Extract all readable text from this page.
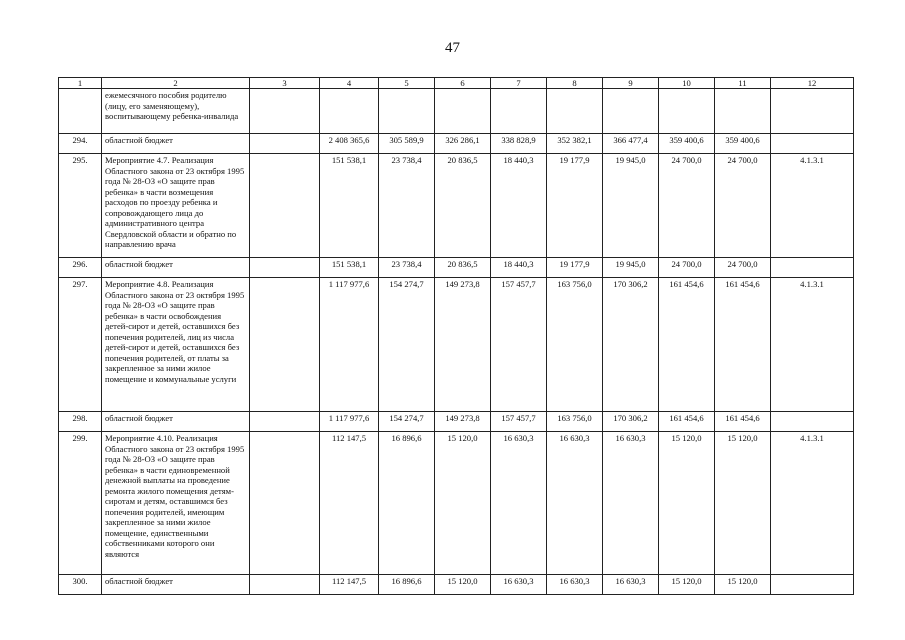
47
1	2	3	4	5	6	7	8	9	10	11	12
	ежемесячного пособия родителю (лицу, его заменяющему), воспитывающему ребенка-инвалида										
294.	областной бюджет		2 408 365,6	305 589,9	326 286,1	338 828,9	352 382,1	366 477,4	359 400,6	359 400,6	
295.	Мероприятие 4.7. Реализация Областного закона от 23 октября 1995 года № 28-ОЗ «О защите прав ребенка» в части возмещения расходов по проезду ребенка и сопровождающего лица до административного центра Свердловской области и обратно по направлению врача		151 538,1	23 738,4	20 836,5	18 440,3	19 177,9	19 945,0	24 700,0	24 700,0	4.1.3.1
296.	областной бюджет		151 538,1	23 738,4	20 836,5	18 440,3	19 177,9	19 945,0	24 700,0	24 700,0	
297.	Мероприятие 4.8. Реализация Областного закона от 23 октября 1995 года № 28-ОЗ «О защите прав ребенка» в части освобождения детей-сирот и детей, оставшихся без попечения родителей, лиц из числа детей-сирот и детей, оставшихся без попечения родителей, от платы за закрепленное за ними жилое помещение и коммунальные услуги		1 117 977,6	154 274,7	149 273,8	157 457,7	163 756,0	170 306,2	161 454,6	161 454,6	4.1.3.1
298.	областной бюджет		1 117 977,6	154 274,7	149 273,8	157 457,7	163 756,0	170 306,2	161 454,6	161 454,6	
299.	Мероприятие 4.10. Реализация Областного закона от 23 октября 1995 года № 28-ОЗ «О защите прав ребенка» в части единовременной денежной выплаты на проведение ремонта жилого помещения детям-сиротам и детям, оставшимся без попечения родителей, имеющим закрепленное за ними жилое помещение, единственными собственниками которого они являются		112 147,5	16 896,6	15 120,0	16 630,3	16 630,3	16 630,3	15 120,0	15 120,0	4.1.3.1
300.	областной бюджет		112 147,5	16 896,6	15 120,0	16 630,3	16 630,3	16 630,3	15 120,0	15 120,0	
